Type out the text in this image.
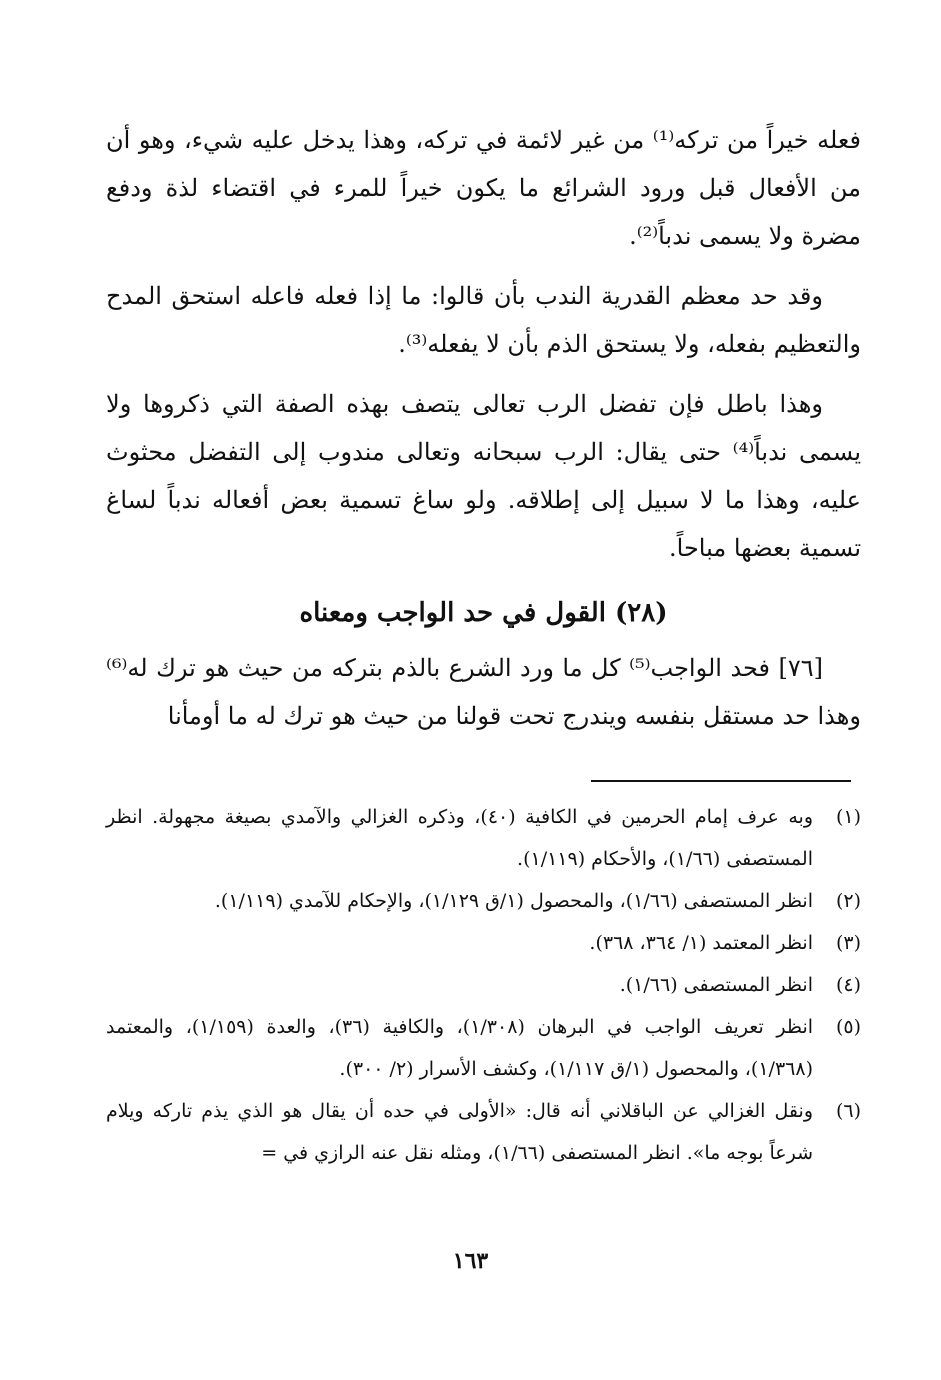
فعله خيراً من تركه⁽¹⁾ من غير لائمة في تركه، وهذا يدخل عليه شيء، وهو أن من الأفعال قبل ورود الشرائع ما يكون خيراً للمرء في اقتضاء لذة ودفع مضرة ولا يسمى ندباً⁽²⁾.

وقد حد معظم القدرية الندب بأن قالوا: ما إذا فعله فاعله استحق المدح والتعظيم بفعله، ولا يستحق الذم بأن لا يفعله⁽³⁾.

وهذا باطل فإن تفضل الرب تعالى يتصف بهذه الصفة التي ذكروها ولا يسمى ندباً⁽⁴⁾ حتى يقال: الرب سبحانه وتعالى مندوب إلى التفضل محثوث عليه، وهذا ما لا سبيل إلى إطلاقه. ولو ساغ تسمية بعض أفعاله ندباً لساغ تسمية بعضها مباحاً.

(٢٨) القول في حد الواجب ومعناه

[٧٦] فحد الواجب⁽⁵⁾ كل ما ورد الشرع بالذم بتركه من حيث هو ترك له⁽⁶⁾ وهذا حد مستقل بنفسه ويندرج تحت قولنا من حيث هو ترك له ما أومأنا

(١)
وبه عرف إمام الحرمين في الكافية (٤٠)، وذكره الغزالي والآمدي بصيغة مجهولة. انظر المستصفى (١/٦٦)، والأحكام (١/١١٩).
(٢)
انظر المستصفى (١/٦٦)، والمحصول (١/ق ١/١٢٩)، والإحكام للآمدي (١/١١٩).
(٣)
انظر المعتمد (١/ ٣٦٤، ٣٦٨).
(٤)
انظر المستصفى (١/٦٦).
(٥)
انظر تعريف الواجب في البرهان (١/٣٠٨)، والكافية (٣٦)، والعدة (١/١٥٩)، والمعتمد (١/٣٦٨)، والمحصول (١/ق ١/١١٧)، وكشف الأسرار (٢/ ٣٠٠).
(٦)
ونقل الغزالي عن الباقلاني أنه قال: «الأولى في حده أن يقال هو الذي يذم تاركه ويلام شرعاً بوجه ما». انظر المستصفى (١/٦٦)، ومثله نقل عنه الرازي في =
١٦٣
